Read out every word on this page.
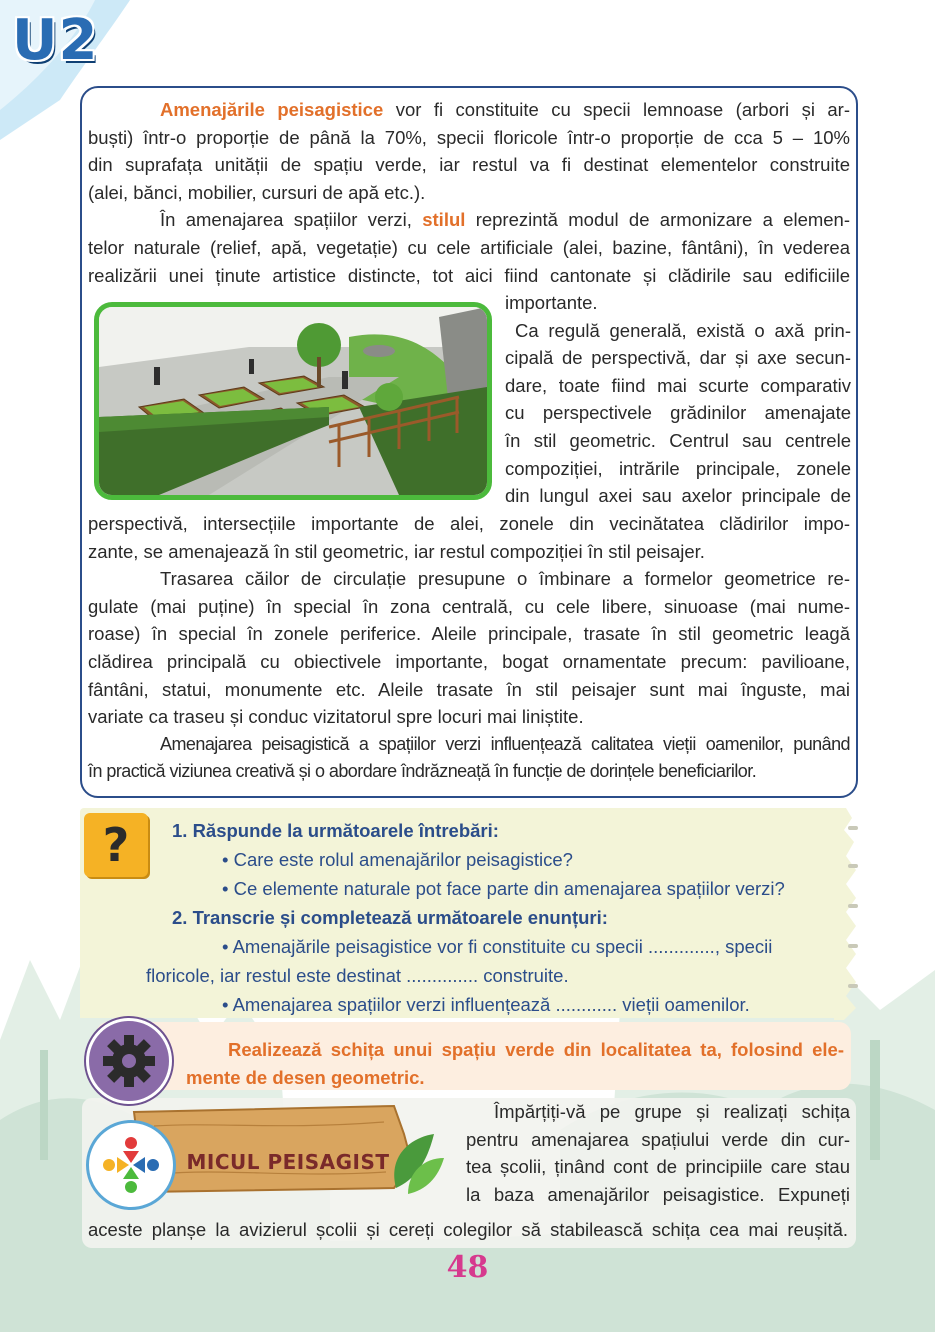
U2

Amenajările peisagistice vor fi constituite cu specii lemnoase (arbori și ar-

buști) într-o proporție de până la 70%, specii floricole într-o proporție de cca 5 – 10%

din suprafața unității de spațiu verde, iar restul va fi destinat elementelor construite

(alei, bănci, mobilier, cursuri de apă etc.).

În amenajarea spațiilor verzi, stilul reprezintă modul de armonizare a elemen-

telor naturale (relief, apă, vegetație) cu cele artificiale (alei, bazine, fântâni), în vederea

realizării unei ținute artistice distincte, tot aici fiind cantonate și clădirile sau edificiile

importante.

Ca regulă generală, există o axă prin-

cipală de perspectivă, dar și axe secun-

dare, toate fiind mai scurte comparativ

cu perspectivele grădinilor amenajate

în stil geometric. Centrul sau centrele

compoziției, intrările principale, zonele

din lungul axei sau axelor principale de

perspectivă, intersecțiile importante de alei, zonele din vecinătatea clădirilor impo-

zante, se amenajează în stil geometric, iar restul compoziției în stil peisajer.

Trasarea căilor de circulație presupune o îmbinare a formelor geometrice re-

gulate (mai puține) în special în zona centrală, cu cele libere, sinuoase (mai nume-

roase) în special în zonele periferice. Aleile principale, trasate în stil geometric leagă

clădirea principală cu obiectivele importante, bogat ornamentate precum: pavilioane,

fântâni, statui, monumente etc. Aleile trasate în stil peisajer sunt mai înguste, mai

variate ca traseu și conduc vizitatorul spre locuri mai liniștite.

Amenajarea peisagistică a spațiilor verzi influențează calitatea vieții oamenilor, punând

în practică viziunea creativă și o abordare îndrăzneață în funcție de dorințele beneficiarilor.

?	1. Răspunde la următoarele întrebări:
• Care este rolul amenajărilor peisagistice?
• Ce elemente naturale pot face parte din amenajarea spațiilor verzi?
2. Transcrie și completează următoarele enunțuri:
• Amenajările peisagistice vor fi constituite cu specii ............., specii
floricole, iar restul este destinat .............. construite.
• Amenajarea spațiilor verzi influențează ............ vieții oamenilor.
Realizează schița unui spațiu verde din localitatea ta, folosind ele-
mente de desen geometric.
MICUL PEISAGIST
Împărțiți-vă pe grupe și realizați schița
pentru amenajarea spațiului verde din cur-
tea școlii, ținând cont de principiile care stau
la baza amenajărilor peisagistice. Expuneți
aceste planșe la avizierul școlii și cereți colegilor să stabilească schița cea mai reușită.
48
